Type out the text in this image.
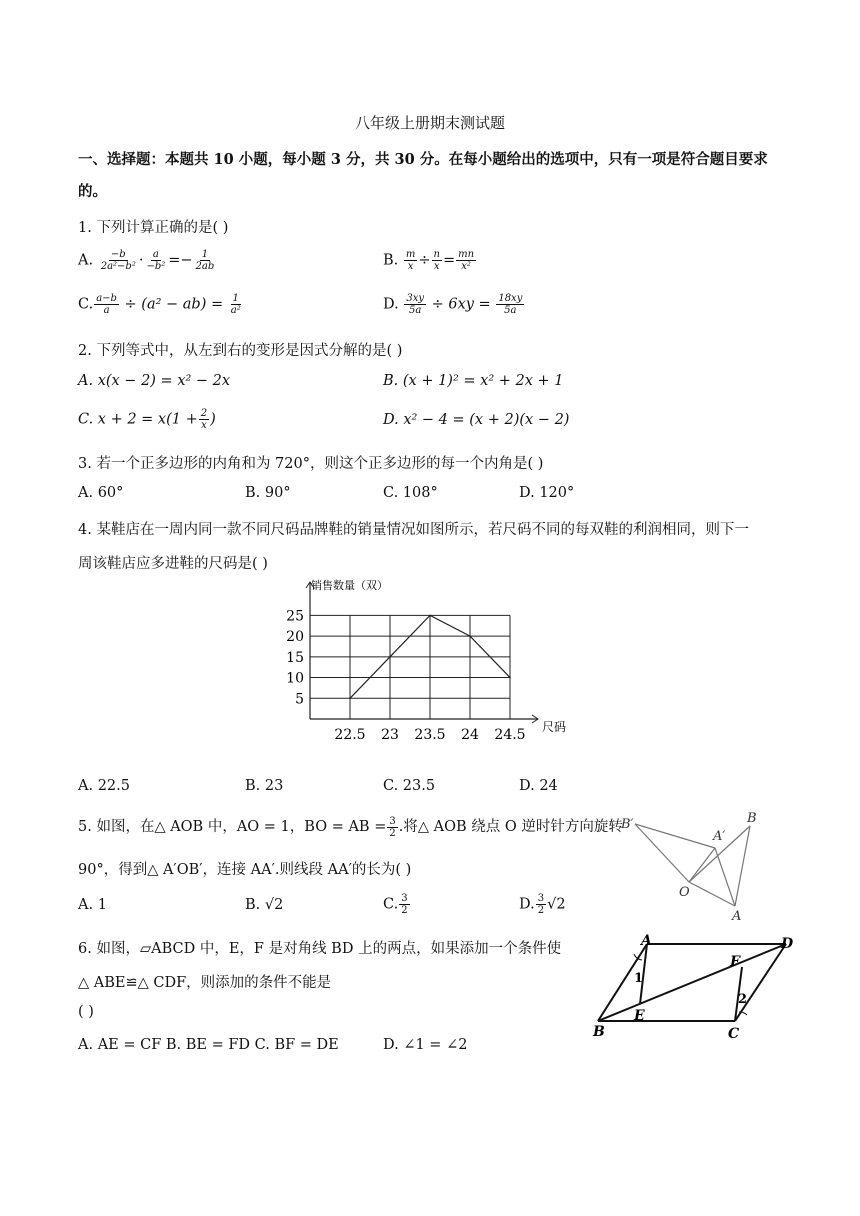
八年级上册期末测试题
一、选择题：本题共 10 小题，每小题 3 分，共 30 分。在每小题给出的选项中，只有一项是符合题目要求
的。
1. 下列计算正确的是( )
A. $\frac{-b}{\text{2a²−b²}} \cdot \frac{a}{\text{−b²}} =- \frac{1}{2ab}$	B. $\frac{m}{x} \div \frac{n}{x} = \frac{mn}{\text{x²}}$
C. $\frac{a-b}{a} \div (a^2 - ab) = \frac{1}{\text{a²}}$	D. $\frac{3xy}{5a} \div 6xy = \frac{18xy}{5a}$
2. 下列等式中，从左到右的变形是因式分解的是( )
A. x(x − 2) = x² − 2x	B. (x + 1)² = x² + 2x + 1
C. $x + 2 = x(1 + \frac{2}{x}$ )	D. x² − 4 = (x + 2)(x − 2)
3. 若一个正多边形的内角和为 720°，则这个正多边形的每一个内角是( )
A. 60°	B. 90°	C. 108°	D. 120°
4. 某鞋店在一周内同一款不同尺码品牌鞋的销量情况如图所示，若尺码不同的每双鞋的利润相同，则下一
周该鞋店应多进鞋的尺码是( )
销售数量（双）
5
10
15
20
25
22.5 23 23.5 24 24.5 尺码
A. 22.5	B. 23	C. 23.5	D. 24
5. 如图，在△ AOB 中，AO = 1，BO = AB = $\frac{3}{2}$ .将△ AOB 绕点 O 逆时针方向旋转
90°，得到△ A′OB′，连接 AA′.则线段 AA′的长为( )
A. 1	B. √2	C. $\frac{3}{2}$	D. $\frac{3}{2} √2$
B′
A′
B
O
A
6. 如图，▱ABCD 中，E，F 是对角线 BD 上的两点，如果添加一个条件使
△ ABE≌△ CDF，则添加的条件不能是
( )
A. AE = CF B. BE = FD C. BF = DE	D. ∠1 = ∠2
A	D
B	C
E
F
1
2
